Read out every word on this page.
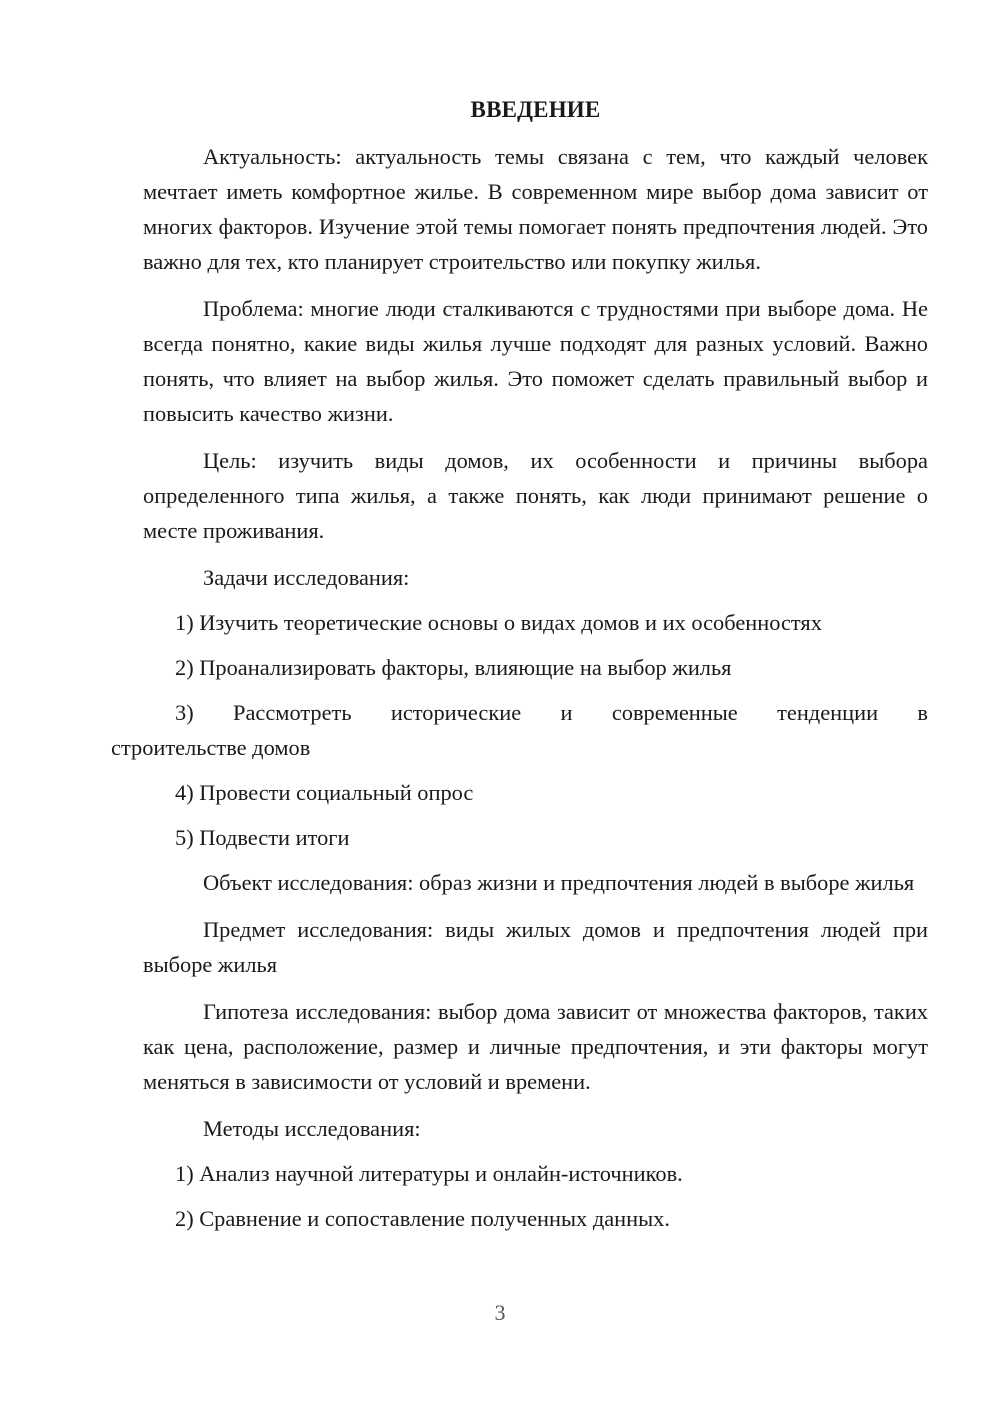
ВВЕДЕНИЕ

Актуальность: актуальность темы связана с тем, что каждый человек мечтает иметь комфортное жилье. В современном мире выбор дома зависит от многих факторов. Изучение этой темы помогает понять предпочтения людей. Это важно для тех, кто планирует строительство или покупку жилья.

Проблема: многие люди сталкиваются с трудностями при выборе дома. Не всегда понятно, какие виды жилья лучше подходят для разных условий. Важно понять, что влияет на выбор жилья. Это поможет сделать правильный выбор и повысить качество жизни.

Цель: изучить виды домов, их особенности и причины выбора определенного типа жилья, а также понять, как люди принимают решение о месте проживания.

Задачи исследования:

1) Изучить теоретические основы о видах домов и их особенностях

2) Проанализировать факторы, влияющие на выбор жилья

3) Рассмотреть исторические и современные тенденции в
строительстве домов

4) Провести социальный опрос

5) Подвести итоги

Объект исследования: образ жизни и предпочтения людей в выборе жилья

Предмет исследования: виды жилых домов и предпочтения людей при выборе жилья

Гипотеза исследования: выбор дома зависит от множества факторов, таких как цена, расположение, размер и личные предпочтения, и эти факторы могут меняться в зависимости от условий и времени.

Методы исследования:

1) Анализ научной литературы и онлайн-источников.

2) Сравнение и сопоставление полученных данных.

3
